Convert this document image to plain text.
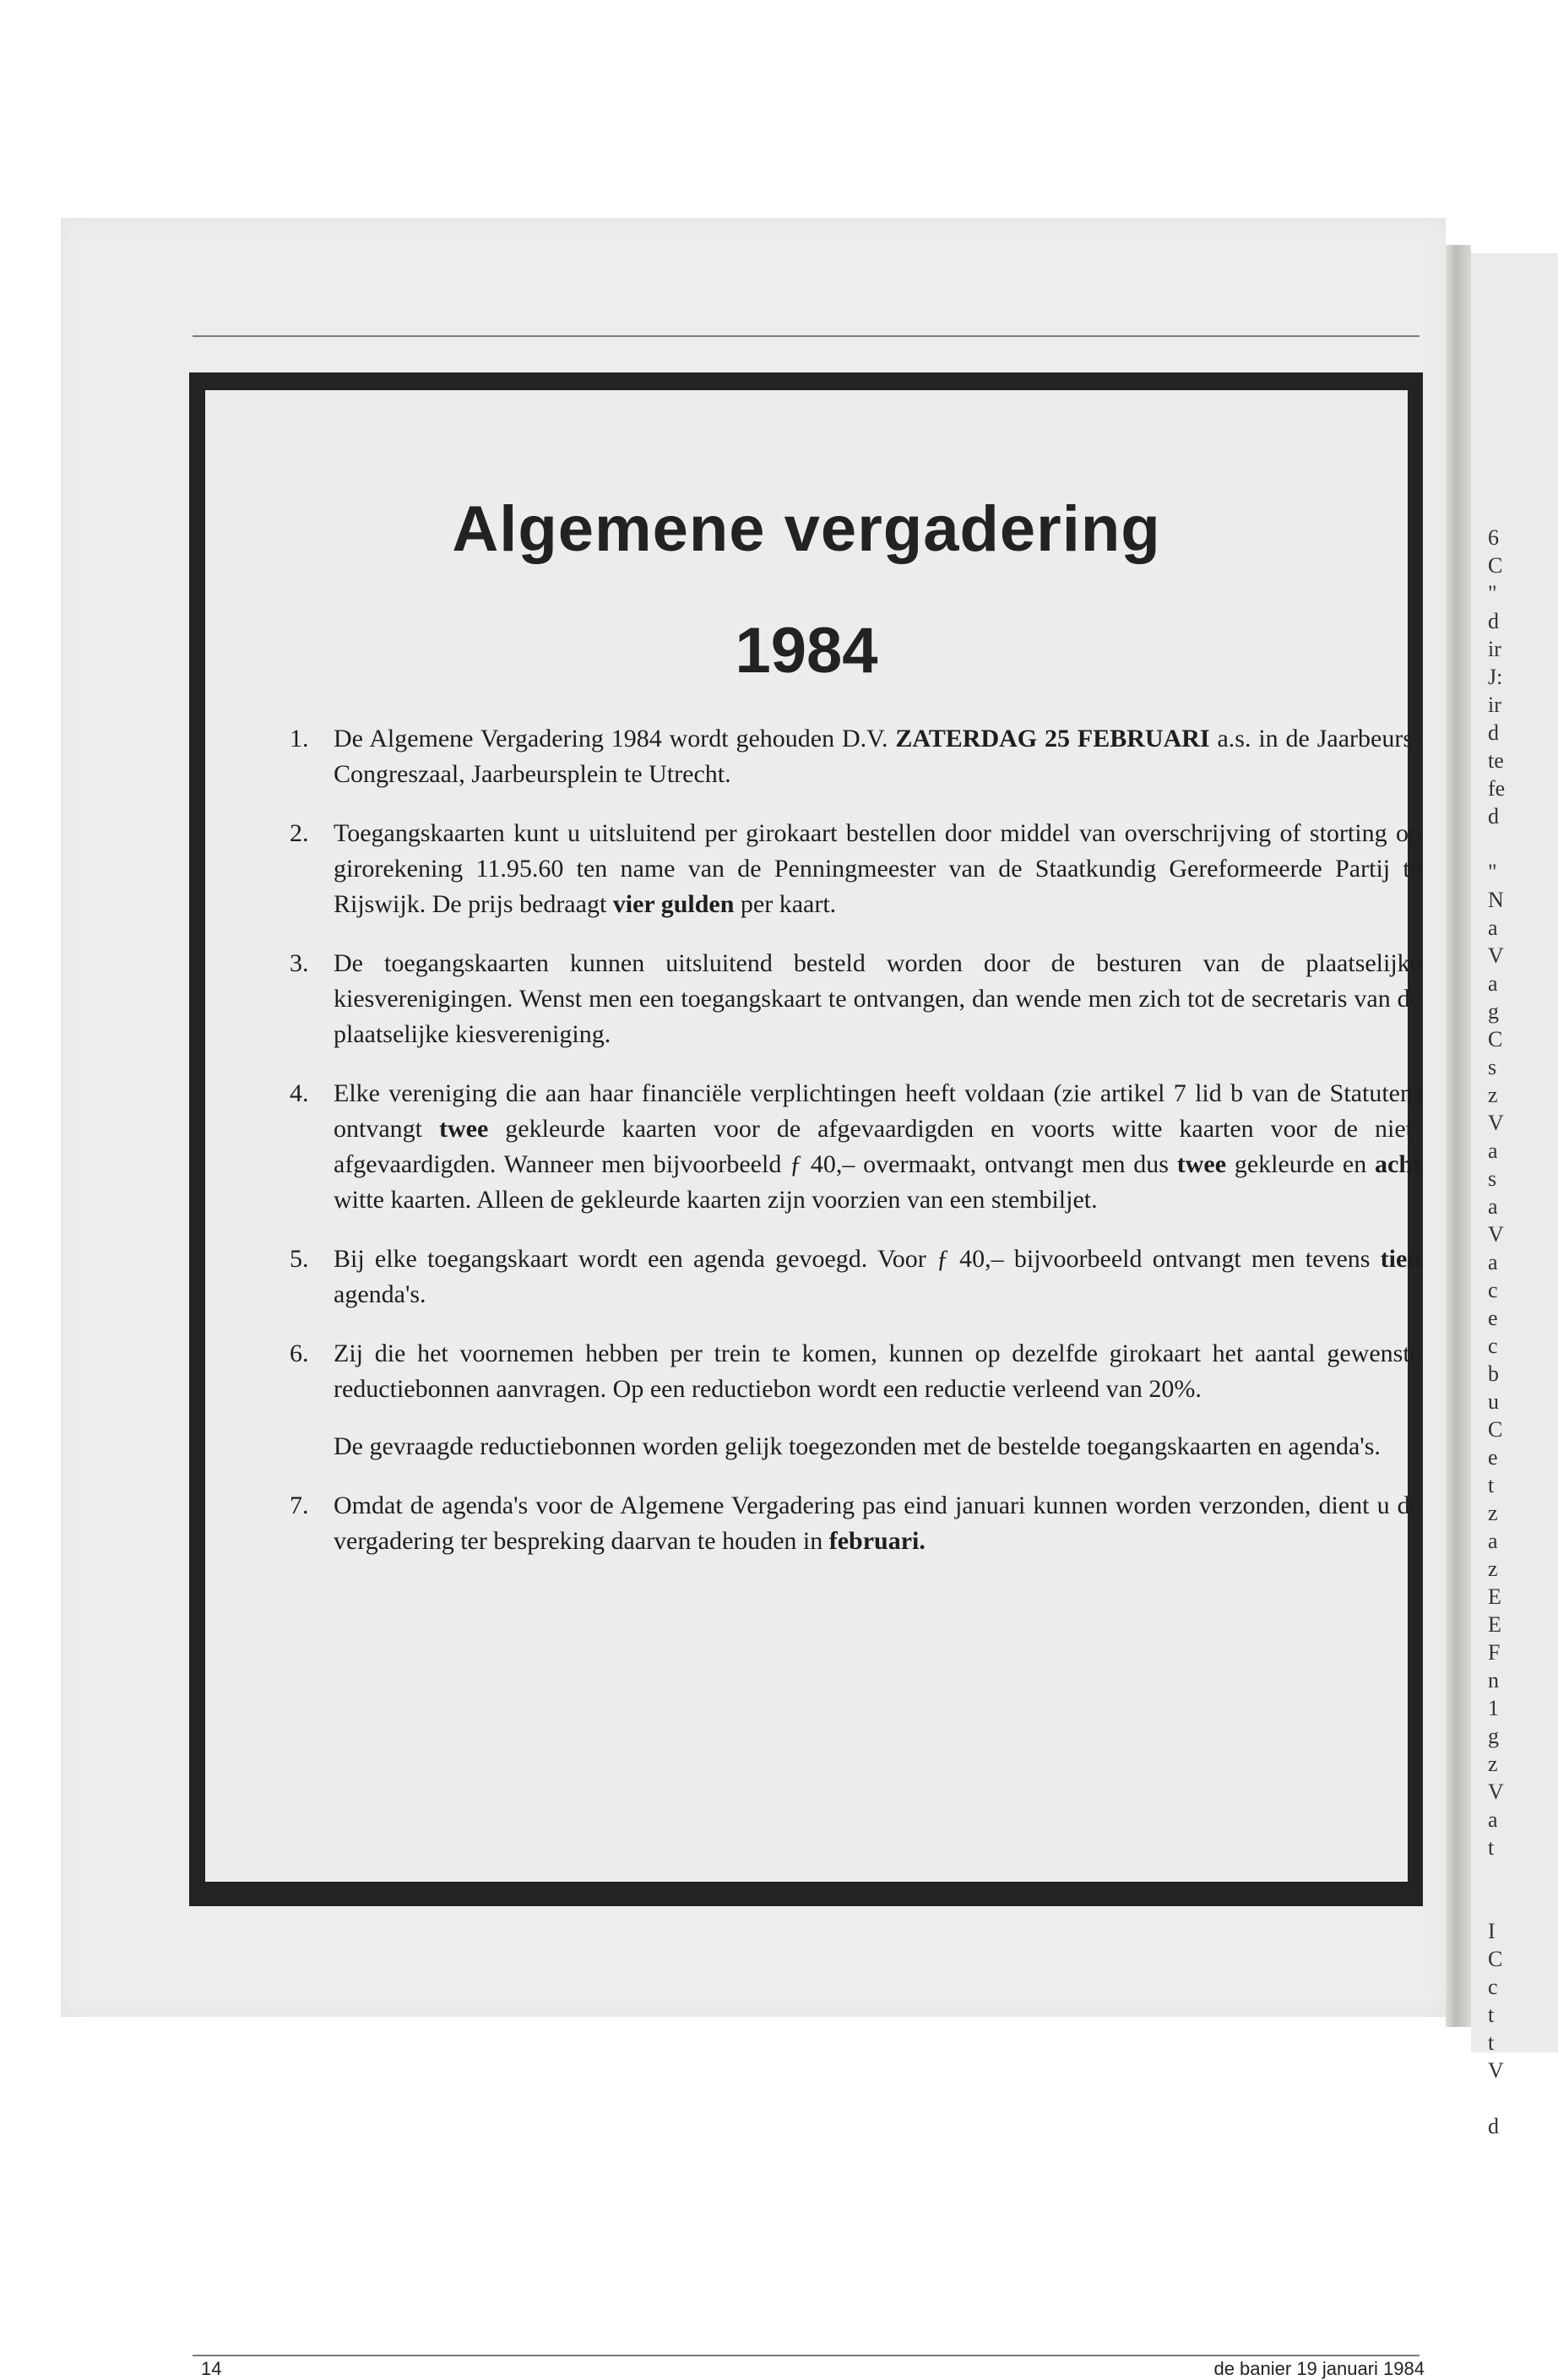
6
C
"
d
ir
J:
ir
d
te
fe
d
"
N
a
V
a
g
C
s
z
V
a
s
a
V
a
c
e
c
b
u
C
e
t
z
a
z
E
E
F
n
1
g
z
V
a
t
I
C
c
t
t
V
d
Algemene vergadering
1984
1. De Algemene Vergadering 1984 wordt gehouden D.V. ZATERDAG 25 FEBRUARI a.s. in de Jaarbeurs-Congreszaal, Jaarbeursplein te Utrecht.

2. Toegangskaarten kunt u uitsluitend per girokaart bestellen door middel van overschrijving of storting op girorekening 11.95.60 ten name van de Penningmeester van de Staatkundig Gereformeerde Partij te Rijswijk. De prijs bedraagt vier gulden per kaart.

3. De toegangskaarten kunnen uitsluitend besteld worden door de besturen van de plaatselijke kiesverenigingen. Wenst men een toegangskaart te ontvangen, dan wende men zich tot de secretaris van de plaatselijke kiesvereniging.

4. Elke vereniging die aan haar financiële verplichtingen heeft voldaan (zie artikel 7 lid b van de Statuten) ontvangt twee gekleurde kaarten voor de afgevaardigden en voorts witte kaarten voor de niet-afgevaardigden. Wanneer men bijvoorbeeld ƒ 40,– overmaakt, ontvangt men dus twee gekleurde en acht witte kaarten. Alleen de gekleurde kaarten zijn voorzien van een stembiljet.

5. Bij elke toegangskaart wordt een agenda gevoegd. Voor ƒ 40,– bijvoorbeeld ontvangt men tevens tien agenda's.

6. Zij die het voornemen hebben per trein te komen, kunnen op dezelfde girokaart het aantal gewenste reductiebonnen aanvragen. Op een reductiebon wordt een reductie verleend van 20%.

De gevraagde reductiebonnen worden gelijk toegezonden met de bestelde toegangskaarten en agenda's.

7. Omdat de agenda's voor de Algemene Vergadering pas eind januari kunnen worden verzonden, dient u de vergadering ter bespreking daarvan te houden in februari.

14	de banier 19 januari 1984
